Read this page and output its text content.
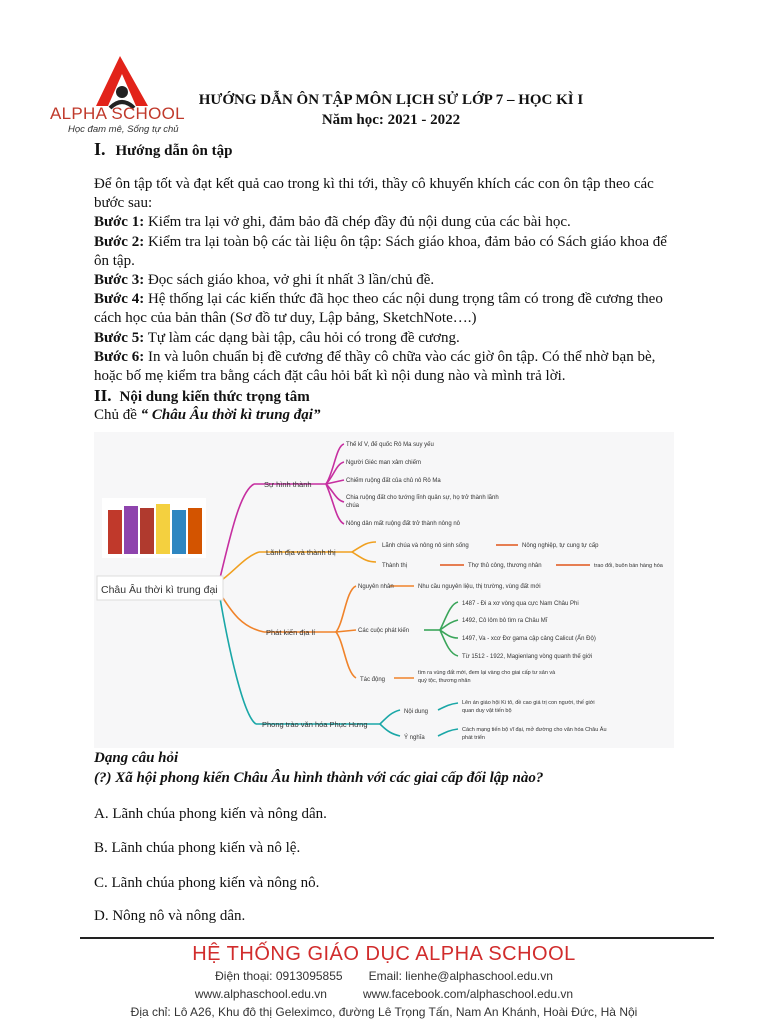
ALPHA SCHOOL
Học đam mê, Sống tự chủ
HƯỚNG DẪN ÔN TẬP MÔN LỊCH SỬ LỚP 7 – HỌC KÌ I
Năm học: 2021 - 2022
I. Hướng dẫn ôn tập
Để ôn tập tốt và đạt kết quả cao trong kì thi tới, thầy cô khuyến khích các con ôn tập theo các bước sau:
Bước 1: Kiểm tra lại vở ghi, đảm bảo đã chép đầy đủ nội dung của các bài học.
Bước 2: Kiểm tra lại toàn bộ các tài liệu ôn tập: Sách giáo khoa, đảm bảo có Sách giáo khoa để ôn tập.
Bước 3: Đọc sách giáo khoa, vở ghi ít nhất 3 lần/chủ đề.
Bước 4: Hệ thống lại các kiến thức đã học theo các nội dung trọng tâm có trong đề cương theo cách học của bản thân (Sơ đồ tư duy, Lập bảng, SketchNote….)
Bước 5: Tự làm các dạng bài tập, câu hỏi có trong đề cương.
Bước 6: In và luôn chuẩn bị đề cương để thầy cô chữa vào các giờ ôn tập. Có thể nhờ bạn bè, hoặc bố mẹ kiểm tra bằng cách đặt câu hỏi bất kì nội dung nào và mình trả lời.
II. Nội dung kiến thức trọng tâm
Chủ đề “ Châu Âu thời kì trung đại”
Châu Âu thời kì trung đại
Sự hình thành
Thế kỉ V, đế quốc Rô Ma suy yếu
Người Giéc man xâm chiếm
Chiếm ruộng đất của chủ nô Rô Ma
Chia ruộng đất cho tướng lĩnh quân sự, họ trở thành lãnh
chúa
Nông dân mất ruộng đất trở thành nông nô
Lãnh địa và thành thị
Lãnh chúa và nông nô sinh sống	Nông nghiệp, tự cung tự cấp
Thành thị	Thợ thủ công, thương nhân	trao đổi, buôn bán hàng hóa
Phát kiến địa lí
Nguyên nhân	Nhu cầu nguyên liệu, thị trường, vùng đất mới
Các cuộc phát kiến
1487 - Đi a xơ vòng qua cực Nam Châu Phi
1492, Cô lôm bô tìm ra Châu Mĩ
1497, Va - xcơ Đơ gama cập cảng Calicut (Ấn Độ)
Từ 1512 - 1922, Magienlang vòng quanh thế giới
Tác động
tìm ra vùng đất mới, đem lại vàng cho giai cấp tư sản và
quý tộc, thương nhân
Phong trào văn hóa Phục Hưng
Nội dung
Lên án giáo hội Ki tô, đề cao giá trị con người, thế giới
quan duy vật tiến bộ
Ý nghĩa
Cách mạng tiến bộ vĩ đại, mở đường cho văn hóa Châu Âu
phát triển
Dạng câu hỏi
(?) Xã hội phong kiến Châu Âu hình thành với các giai cấp đối lập nào?
A. Lãnh chúa phong kiến và nông dân.
B. Lãnh chúa phong kiến và nô lệ.
C. Lãnh chúa phong kiến và nông nô.
D. Nông nô và nông dân.
HỆ THỐNG GIÁO DỤC ALPHA SCHOOL
Điện thoại: 0913095855 Email: lienhe@alphaschool.edu.vn
www.alphaschool.edu.vn	www.facebook.com/alphaschool.edu.vn
Địa chỉ: Lô A26, Khu đô thị Geleximco, đường Lê Trọng Tấn, Nam An Khánh, Hoài Đức, Hà Nội
